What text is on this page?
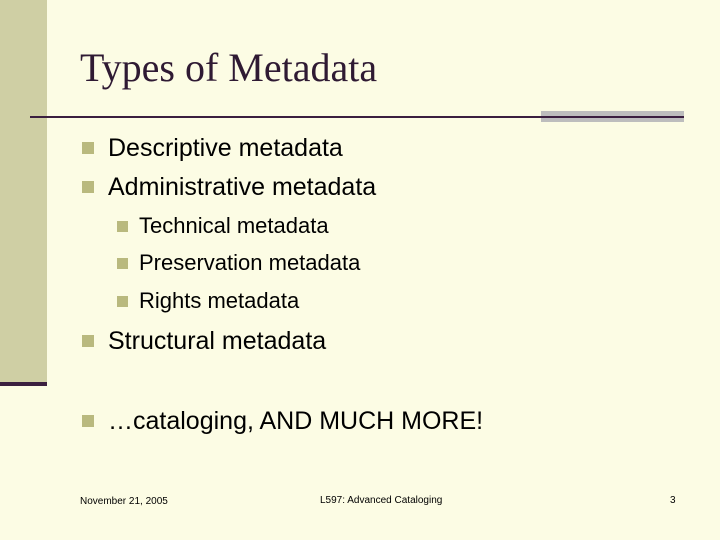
Types of Metadata
Descriptive metadata
Administrative metadata
Technical metadata
Preservation metadata
Rights metadata
Structural metadata
…cataloging, AND MUCH MORE!
November 21, 2005	L597: Advanced Cataloging	3
